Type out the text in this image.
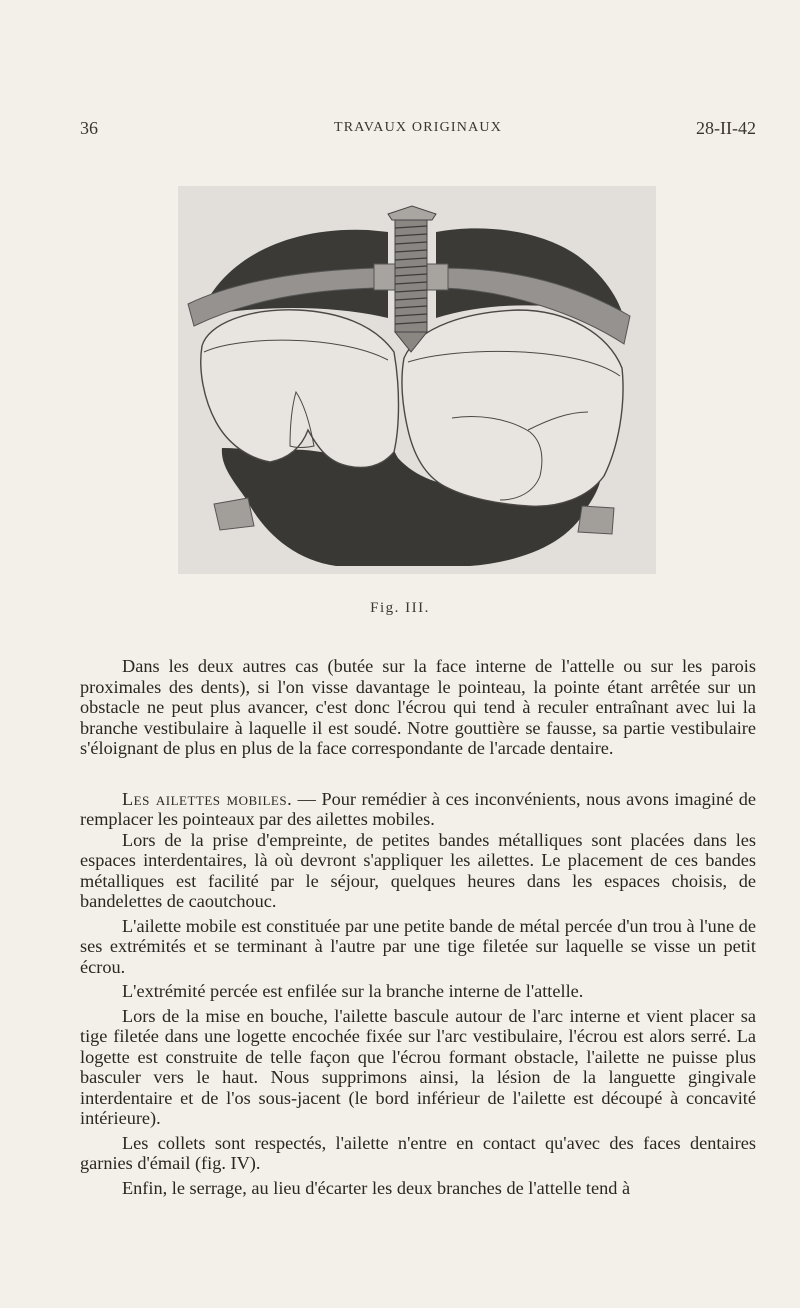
36	TRAVAUX ORIGINAUX	28-II-42
Fig. III.

Dans les deux autres cas (butée sur la face interne de l'attelle ou sur les parois proximales des dents), si l'on visse davantage le pointeau, la pointe étant arrêtée sur un obstacle ne peut plus avancer, c'est donc l'écrou qui tend à reculer entraînant avec lui la branche vestibulaire à laquelle il est soudé. Notre gouttière se fausse, sa partie vestibulaire s'éloignant de plus en plus de la face correspondante de l'arcade dentaire.

Les ailettes mobiles. — Pour remédier à ces inconvénients, nous avons imaginé de remplacer les pointeaux par des ailettes mobiles.

Lors de la prise d'empreinte, de petites bandes métalliques sont placées dans les espaces interdentaires, là où devront s'appliquer les ailettes. Le placement de ces bandes métalliques est facilité par le séjour, quelques heures dans les espaces choisis, de bandelettes de caoutchouc.

L'ailette mobile est constituée par une petite bande de métal percée d'un trou à l'une de ses extrémités et se terminant à l'autre par une tige filetée sur laquelle se visse un petit écrou.

L'extrémité percée est enfilée sur la branche interne de l'attelle.

Lors de la mise en bouche, l'ailette bascule autour de l'arc interne et vient placer sa tige filetée dans une logette encochée fixée sur l'arc vestibulaire, l'écrou est alors serré. La logette est construite de telle façon que l'écrou formant obstacle, l'ailette ne puisse plus basculer vers le haut. Nous supprimons ainsi, la lésion de la languette gingivale interdentaire et de l'os sous-jacent (le bord inférieur de l'ailette est découpé à concavité intérieure).

Les collets sont respectés, l'ailette n'entre en contact qu'avec des faces dentaires garnies d'émail (fig. IV).

Enfin, le serrage, au lieu d'écarter les deux branches de l'attelle tend à
